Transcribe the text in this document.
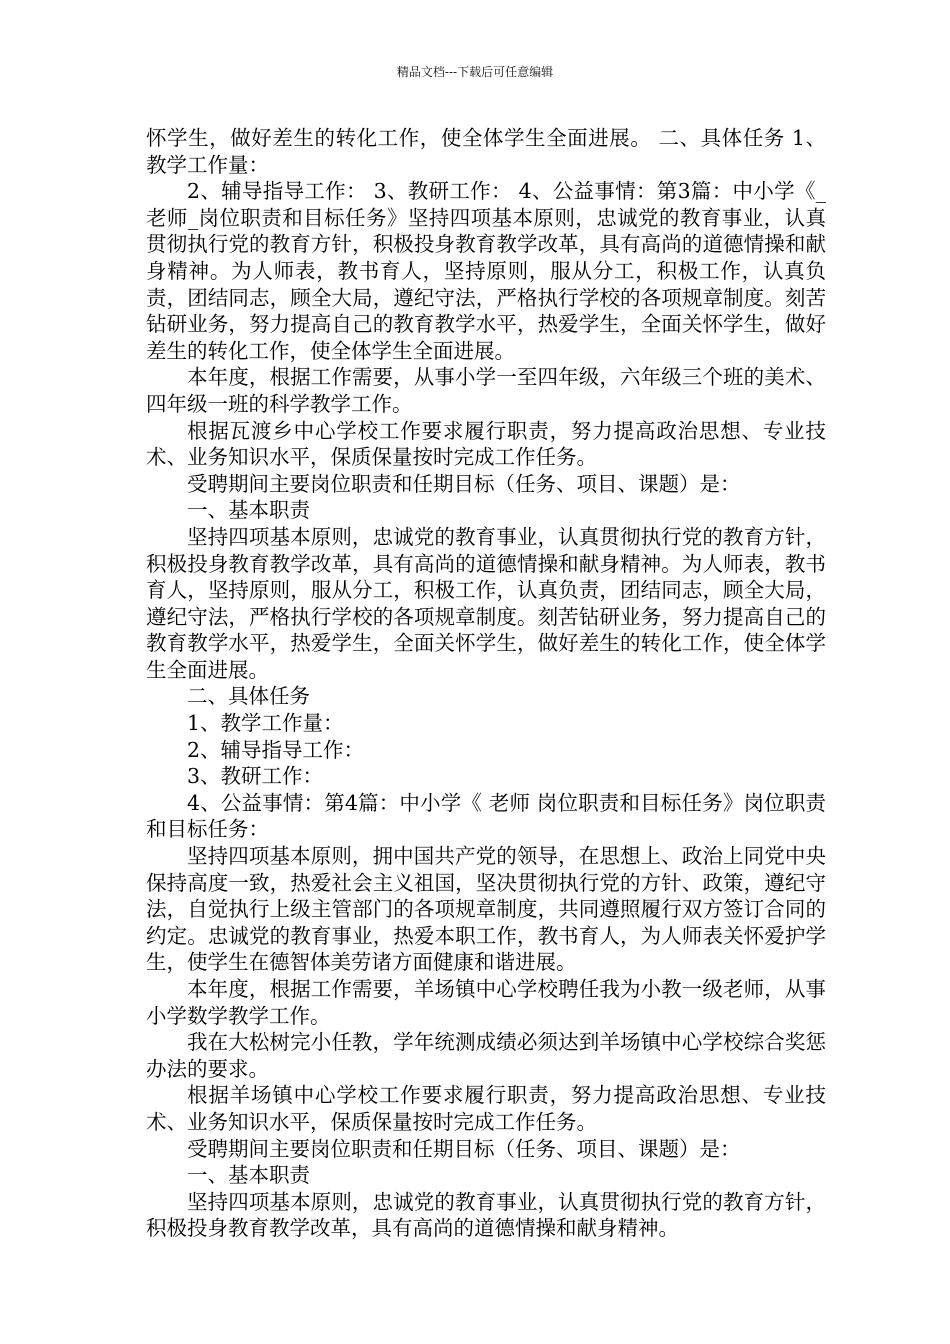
精品文档---下载后可任意编辑

怀学生，做好差生的转化工作，使全体学生全面进展。 二、具体任务 1、教学工作量：

2、辅导指导工作： 3、教研工作： 4、公益事情：第3篇：中小学《_老师_岗位职责和目标任务》坚持四项基本原则，忠诚党的教育事业，认真贯彻执行党的教育方针，积极投身教育教学改革，具有高尚的道德情操和献身精神。为人师表，教书育人，坚持原则，服从分工，积极工作，认真负责，团结同志，顾全大局，遵纪守法，严格执行学校的各项规章制度。刻苦钻研业务，努力提高自己的教育教学水平，热爱学生，全面关怀学生，做好差生的转化工作，使全体学生全面进展。

本年度，根据工作需要，从事小学一至四年级，六年级三个班的美术、四年级一班的科学教学工作。

根据瓦渡乡中心学校工作要求履行职责，努力提高政治思想、专业技术、业务知识水平，保质保量按时完成工作任务。

受聘期间主要岗位职责和任期目标（任务、项目、课题）是：

一、基本职责

坚持四项基本原则，忠诚党的教育事业，认真贯彻执行党的教育方针，积极投身教育教学改革，具有高尚的道德情操和献身精神。为人师表，教书育人，坚持原则，服从分工，积极工作，认真负责，团结同志，顾全大局，遵纪守法，严格执行学校的各项规章制度。刻苦钻研业务，努力提高自己的教育教学水平，热爱学生，全面关怀学生，做好差生的转化工作，使全体学生全面进展。

二、具体任务

1、教学工作量：

2、辅导指导工作：

3、教研工作：

4、公益事情：第4篇：中小学《 老师 岗位职责和目标任务》岗位职责和目标任务：

坚持四项基本原则，拥中国共产党的领导，在思想上、政治上同党中央保持高度一致，热爱社会主义祖国，坚决贯彻执行党的方针、政策，遵纪守法，自觉执行上级主管部门的各项规章制度，共同遵照履行双方签订合同的约定。忠诚党的教育事业，热爱本职工作，教书育人，为人师表关怀爱护学生，使学生在德智体美劳诸方面健康和谐进展。

本年度，根据工作需要，羊场镇中心学校聘任我为小教一级老师，从事小学数学教学工作。

我在大松树完小任教，学年统测成绩必须达到羊场镇中心学校综合奖惩办法的要求。

根据羊场镇中心学校工作要求履行职责，努力提高政治思想、专业技术、业务知识水平，保质保量按时完成工作任务。

受聘期间主要岗位职责和任期目标（任务、项目、课题）是：

一、基本职责

坚持四项基本原则，忠诚党的教育事业，认真贯彻执行党的教育方针，积极投身教育教学改革，具有高尚的道德情操和献身精神。
